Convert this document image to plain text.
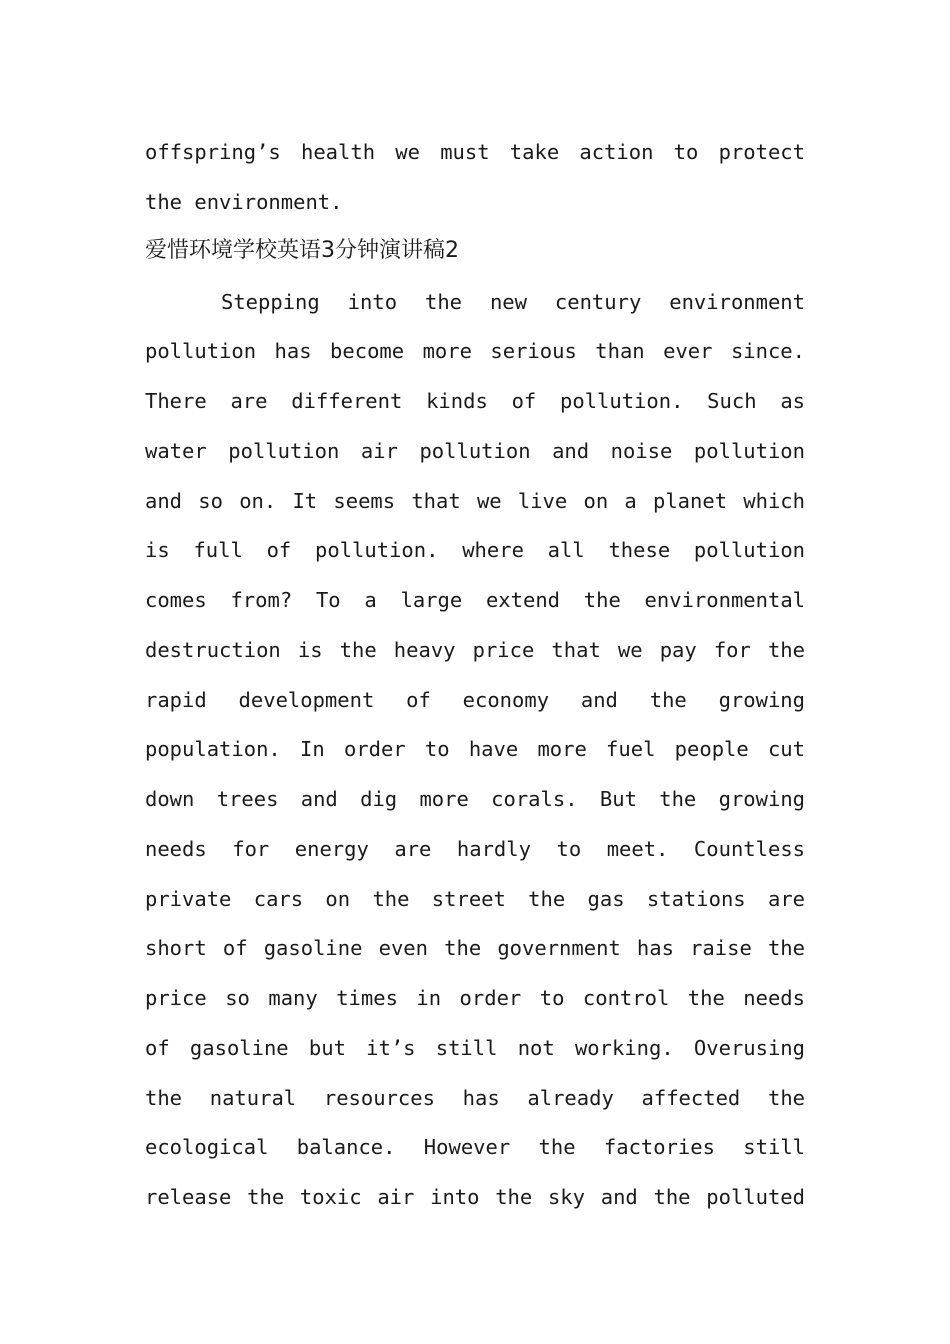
offspring’s health we must take action to protect
the environment.
爱惜环境学校英语3分钟演讲稿2
Stepping into the new century environment
pollution has become more serious than ever since.
There are different kinds of pollution. Such as
water pollution air pollution and noise pollution
and so on. It seems that we live on a planet which
is full of pollution. where all these pollution
comes from? To a large extend the environmental
destruction is the heavy price that we pay for the
rapid development of economy and the growing
population. In order to have more fuel people cut
down trees and dig more corals. But the growing
needs for energy are hardly to meet. Countless
private cars on the street the gas stations are
short of gasoline even the government has raise the
price so many times in order to control the needs
of gasoline but it’s still not working. Overusing
the natural resources has already affected the
ecological balance. However the factories still
release the toxic air into the sky and the polluted
